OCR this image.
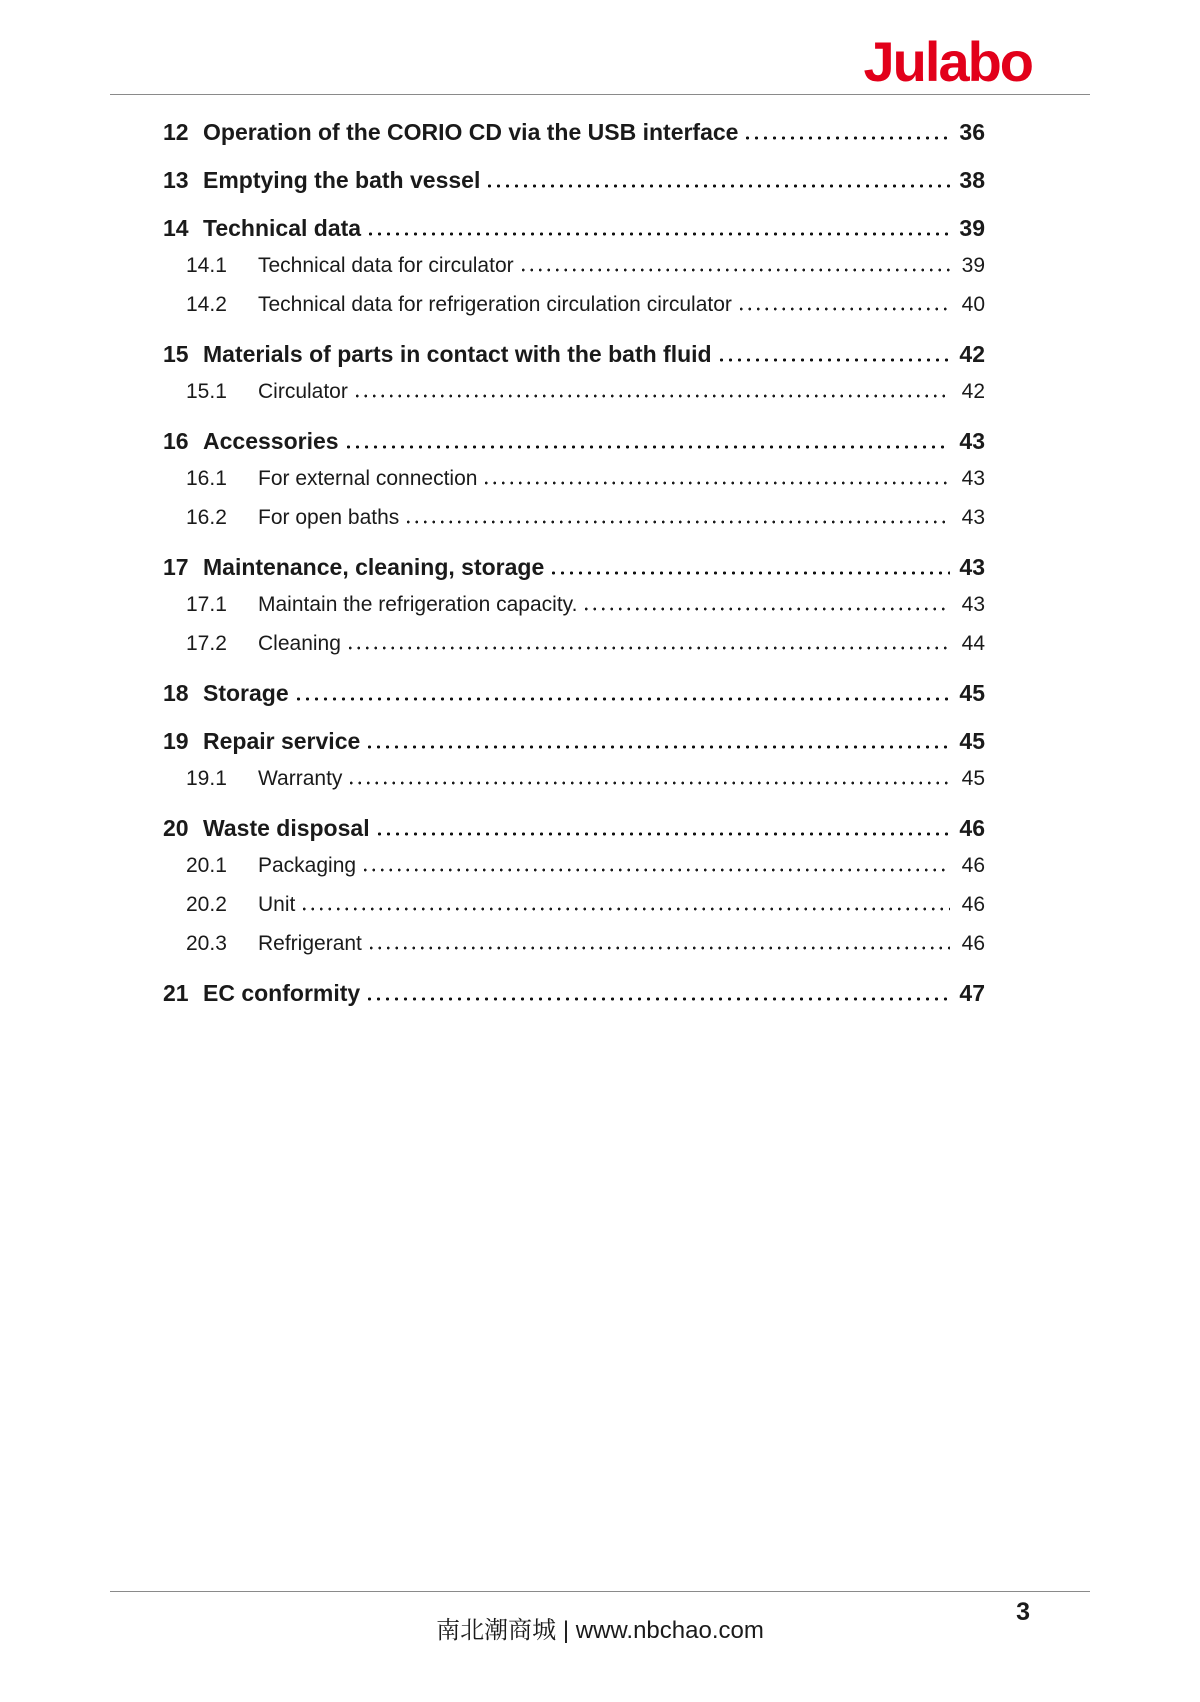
Julabo
12 Operation of the CORIO CD via the USB interface	36
13 Emptying the bath vessel	38
14 Technical data	39
14.1	Technical data for circulator	39
14.2	Technical data for refrigeration circulation circulator	40
15 Materials of parts in contact with the bath fluid	42
15.1	Circulator	42
16 Accessories	43
16.1	For external connection	43
16.2	For open baths	43
17 Maintenance, cleaning, storage	43
17.1	Maintain the refrigeration capacity.	43
17.2	Cleaning	44
18 Storage	45
19 Repair service	45
19.1	Warranty	45
20 Waste disposal	46
20.1	Packaging	46
20.2	Unit	46
20.3	Refrigerant	46
21 EC conformity	47
南北潮商城 | www.nbchao.com
3
